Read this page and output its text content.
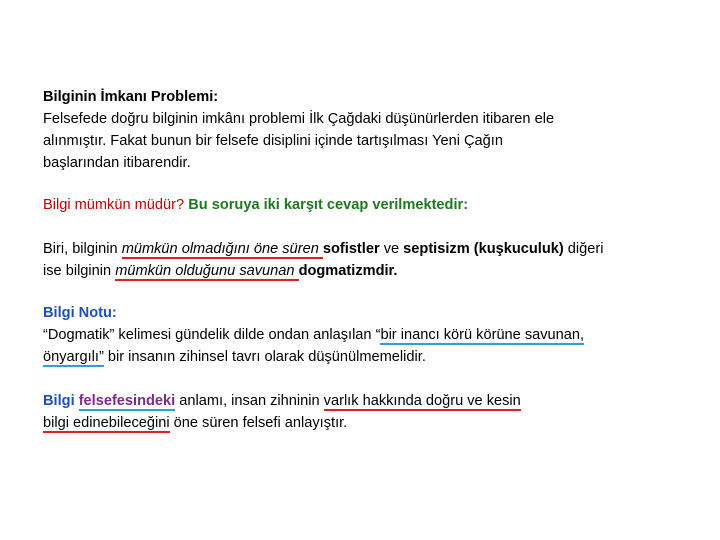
Bilginin İmkanı Problemi:
Felsefede doğru bilginin imkânı problemi İlk Çağdaki düşünürlerden itibaren ele
alınmıştır. Fakat bunun bir felsefe disiplini içinde tartışılması Yeni Çağın
başlarından itibarendir.
Bilgi mümkün müdür? Bu soruya iki karşıt cevap verilmektedir:
Biri, bilginin mümkün olmadığını öne süren sofistler ve septisizm (kuşkuculuk) diğeri
ise bilginin mümkün olduğunu savunan dogmatizmdir.
Bilgi Notu:
“Dogmatik” kelimesi gündelik dilde ondan anlaşılan “bir inancı körü körüne savunan,
önyargılı” bir insanın zihinsel tavrı olarak düşünülmemelidir.
Bilgi felsefesindeki anlamı, insan zihninin varlık hakkında doğru ve kesin
bilgi edinebileceğini öne süren felsefi anlayıştır.
